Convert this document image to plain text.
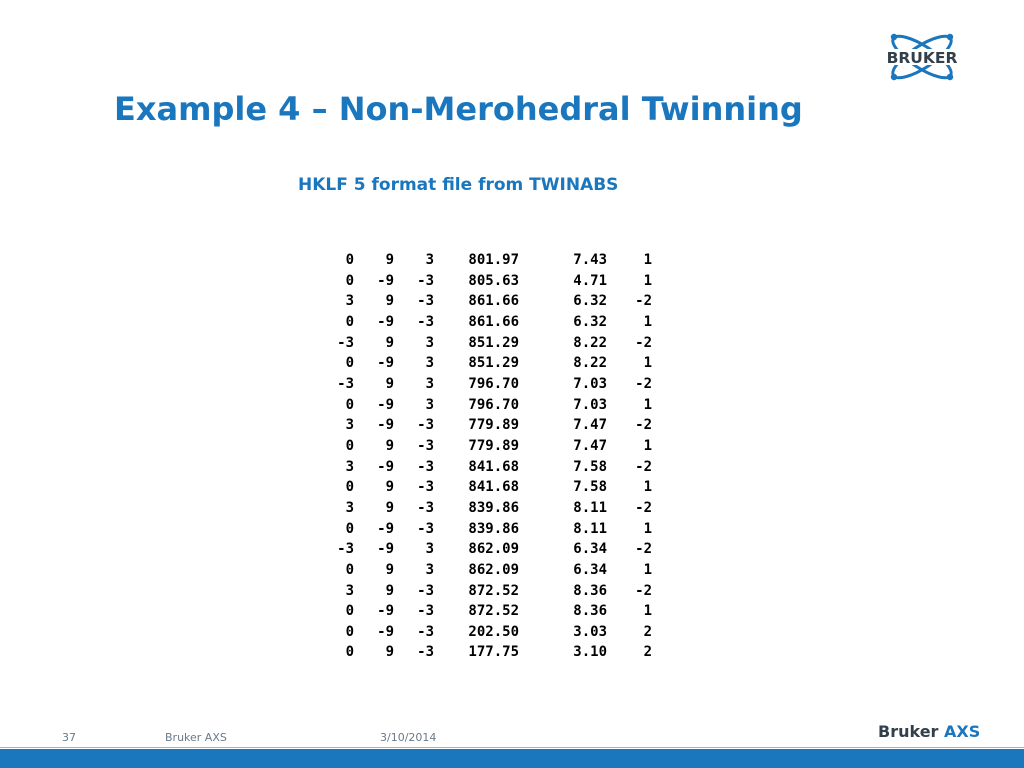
Example 4 – Non-Merohedral Twinning
HKLF 5 format file from TWINABS
BRUKER
0	9	3	801.97	7.43	1
0	-9	-3	805.63	4.71	1
3	9	-3	861.66	6.32	-2
0	-9	-3	861.66	6.32	1
-3	9	3	851.29	8.22	-2
0	-9	3	851.29	8.22	1
-3	9	3	796.70	7.03	-2
0	-9	3	796.70	7.03	1
3	-9	-3	779.89	7.47	-2
0	9	-3	779.89	7.47	1
3	-9	-3	841.68	7.58	-2
0	9	-3	841.68	7.58	1
3	9	-3	839.86	8.11	-2
0	-9	-3	839.86	8.11	1
-3	-9	3	862.09	6.34	-2
0	9	3	862.09	6.34	1
3	9	-3	872.52	8.36	-2
0	-9	-3	872.52	8.36	1
0	-9	-3	202.50	3.03	2
0	9	-3	177.75	3.10	2
37	Bruker AXS	3/10/2014	Bruker AXS
